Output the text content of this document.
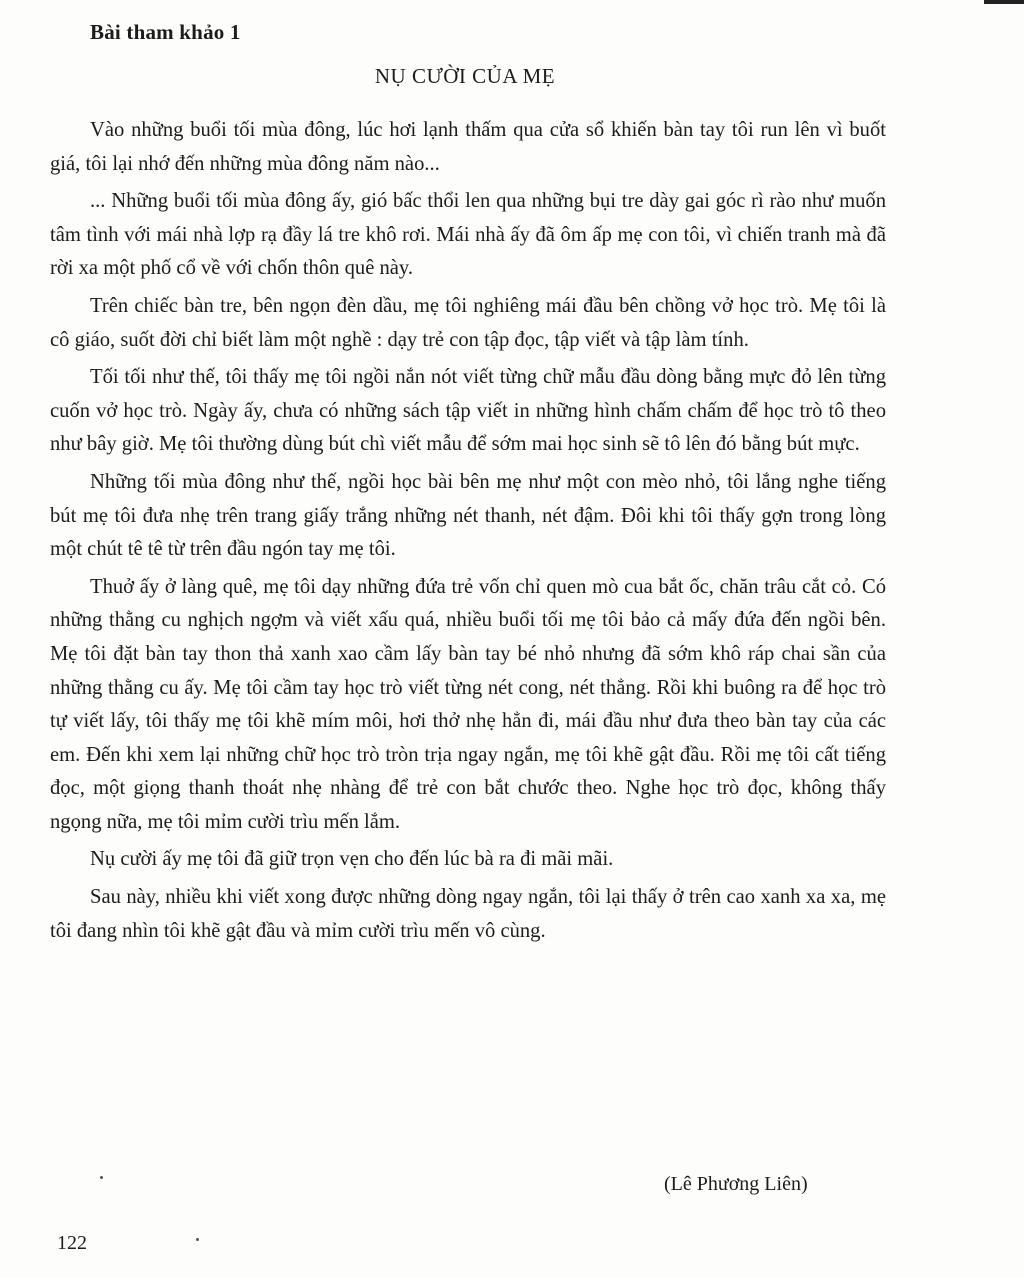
Bài tham khảo 1
NỤ CƯỜI CỦA MẸ

Vào những buổi tối mùa đông, lúc hơi lạnh thấm qua cửa sổ khiến bàn tay tôi run lên vì buốt giá, tôi lại nhớ đến những mùa đông năm nào...

... Những buổi tối mùa đông ấy, gió bấc thổi len qua những bụi tre dày gai góc rì rào như muốn tâm tình với mái nhà lợp rạ đầy lá tre khô rơi. Mái nhà ấy đã ôm ấp mẹ con tôi, vì chiến tranh mà đã rời xa một phố cổ về với chốn thôn quê này.

Trên chiếc bàn tre, bên ngọn đèn dầu, mẹ tôi nghiêng mái đầu bên chồng vở học trò. Mẹ tôi là cô giáo, suốt đời chỉ biết làm một nghề : dạy trẻ con tập đọc, tập viết và tập làm tính.

Tối tối như thế, tôi thấy mẹ tôi ngồi nắn nót viết từng chữ mẫu đầu dòng bằng mực đỏ lên từng cuốn vở học trò. Ngày ấy, chưa có những sách tập viết in những hình chấm chấm để học trò tô theo như bây giờ. Mẹ tôi thường dùng bút chì viết mẫu để sớm mai học sinh sẽ tô lên đó bằng bút mực.

Những tối mùa đông như thế, ngồi học bài bên mẹ như một con mèo nhỏ, tôi lắng nghe tiếng bút mẹ tôi đưa nhẹ trên trang giấy trắng những nét thanh, nét đậm. Đôi khi tôi thấy gợn trong lòng một chút tê tê từ trên đầu ngón tay mẹ tôi.

Thuở ấy ở làng quê, mẹ tôi dạy những đứa trẻ vốn chỉ quen mò cua bắt ốc, chăn trâu cắt cỏ. Có những thằng cu nghịch ngợm và viết xấu quá, nhiều buổi tối mẹ tôi bảo cả mấy đứa đến ngồi bên. Mẹ tôi đặt bàn tay thon thả xanh xao cầm lấy bàn tay bé nhỏ nhưng đã sớm khô ráp chai sần của những thằng cu ấy. Mẹ tôi cầm tay học trò viết từng nét cong, nét thẳng. Rồi khi buông ra để học trò tự viết lấy, tôi thấy mẹ tôi khẽ mím môi, hơi thở nhẹ hẳn đi, mái đầu như đưa theo bàn tay của các em. Đến khi xem lại những chữ học trò tròn trịa ngay ngắn, mẹ tôi khẽ gật đầu. Rồi mẹ tôi cất tiếng đọc, một giọng thanh thoát nhẹ nhàng để trẻ con bắt chước theo. Nghe học trò đọc, không thấy ngọng nữa, mẹ tôi mỉm cười trìu mến lắm.

Nụ cười ấy mẹ tôi đã giữ trọn vẹn cho đến lúc bà ra đi mãi mãi.

Sau này, nhiều khi viết xong được những dòng ngay ngắn, tôi lại thấy ở trên cao xanh xa xa, mẹ tôi đang nhìn tôi khẽ gật đầu và mỉm cười trìu mến vô cùng.

(Lê Phương Liên)
122
